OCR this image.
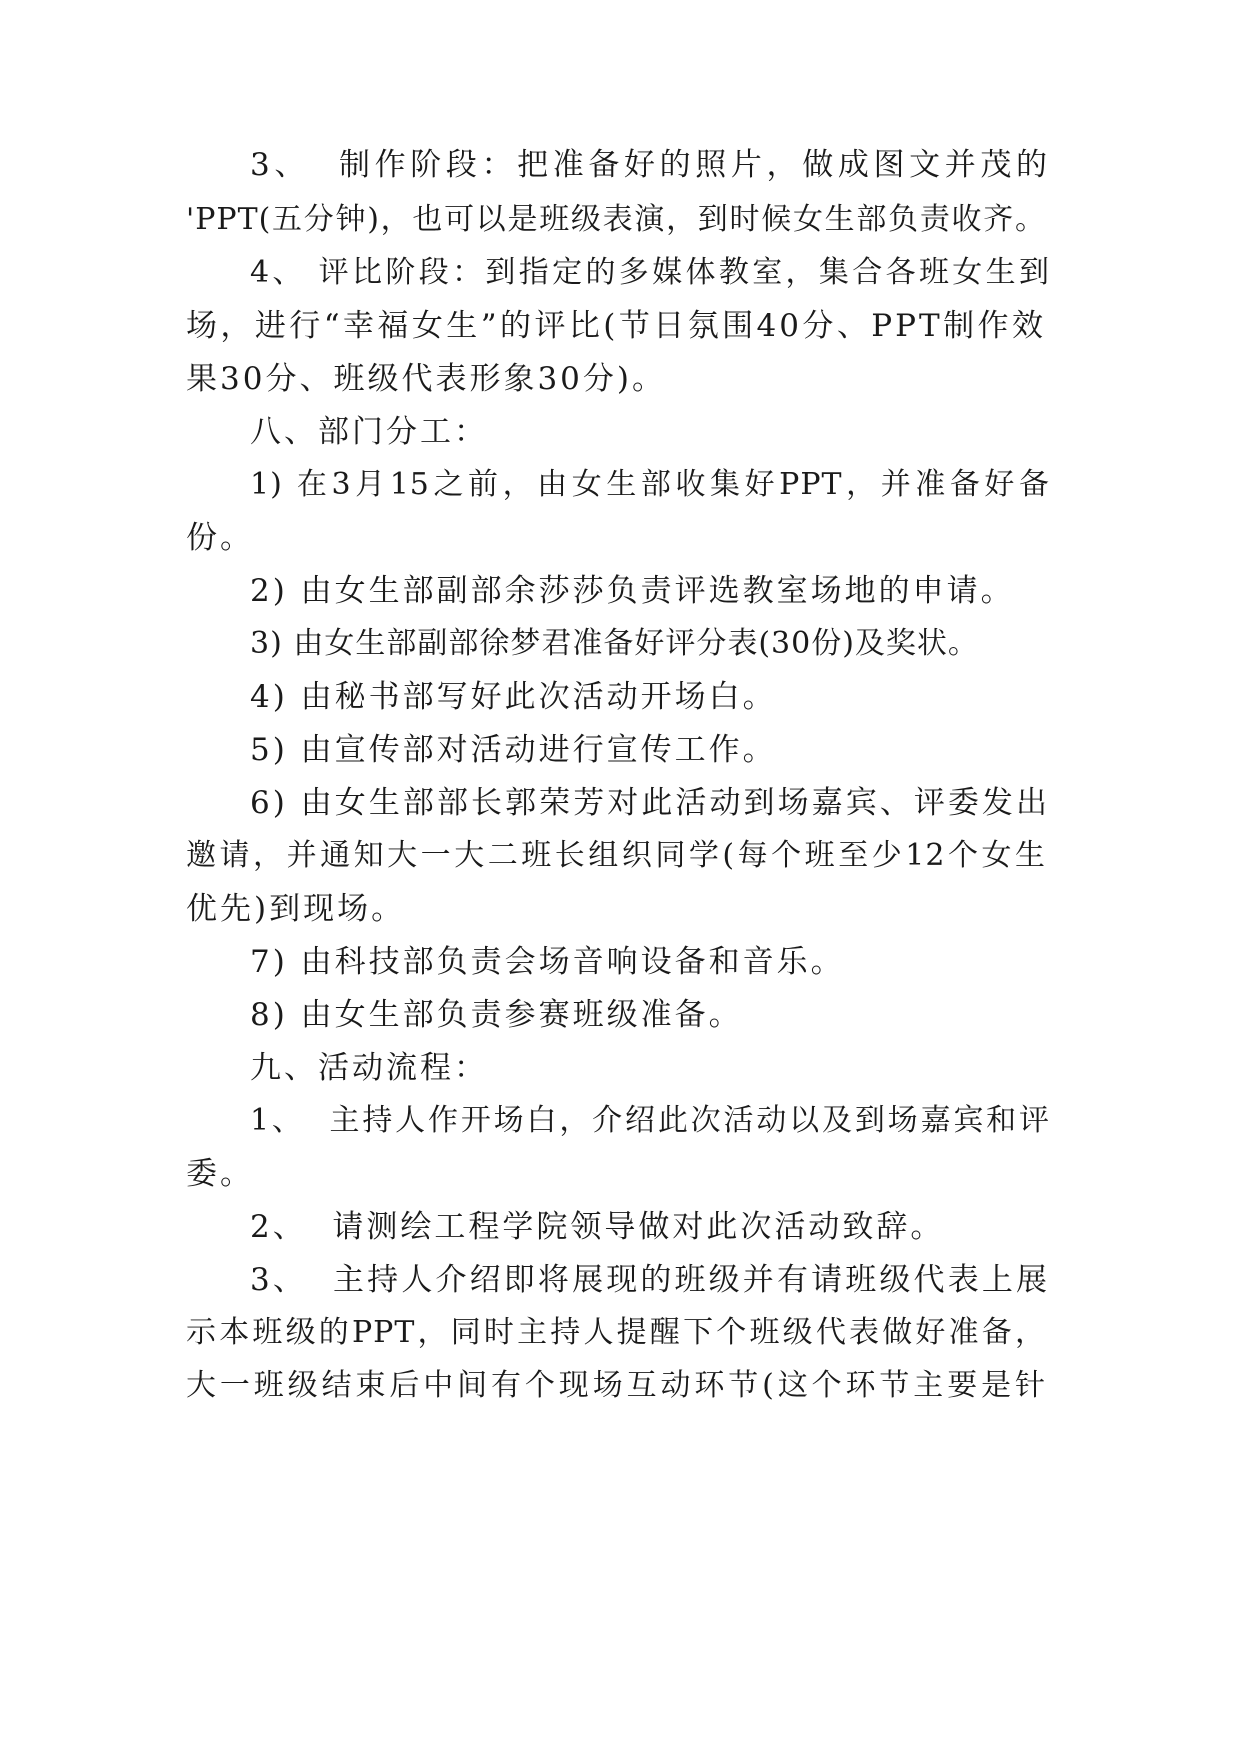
3、  制作阶段：把准备好的照片，做成图文并茂的
'PPT(五分钟)，也可以是班级表演，到时候女生部负责收齐。
4、 评比阶段：到指定的多媒体教室，集合各班女生到
场，进行“幸福女生”的评比(节日氛围40分、PPT制作效
果30分、班级代表形象30分)。
八、部门分工：
1) 在3月15之前，由女生部收集好PPT，并准备好备
份。
2) 由女生部副部余莎莎负责评选教室场地的申请。
3) 由女生部副部徐梦君准备好评分表(30份)及奖状。
4) 由秘书部写好此次活动开场白。
5) 由宣传部对活动进行宣传工作。
6) 由女生部部长郭荣芳对此活动到场嘉宾、评委发出
邀请，并通知大一大二班长组织同学(每个班至少12个女生
优先)到现场。
7) 由科技部负责会场音响设备和音乐。
8) 由女生部负责参赛班级准备。
九、活动流程：
1、  主持人作开场白，介绍此次活动以及到场嘉宾和评
委。
2、  请测绘工程学院领导做对此次活动致辞。
3、  主持人介绍即将展现的班级并有请班级代表上展
示本班级的PPT，同时主持人提醒下个班级代表做好准备，
大一班级结束后中间有个现场互动环节(这个环节主要是针
